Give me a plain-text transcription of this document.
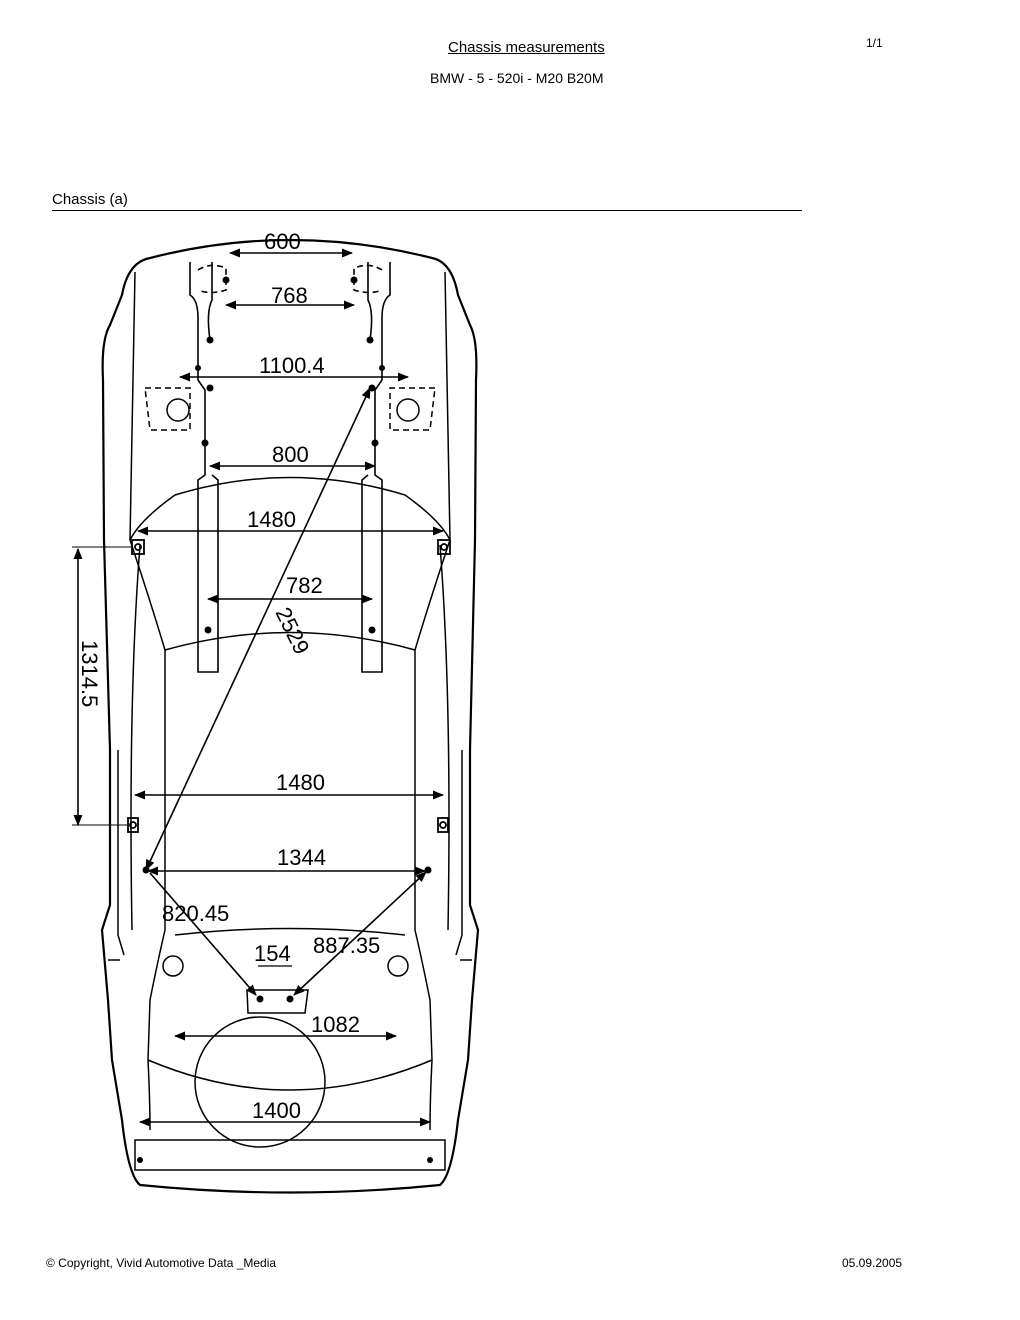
Chassis measurements
BMW - 5 - 520i - M20 B20M
1/1
Chassis (a)
600
768
1100.4
800
1480
782
2529
1314.5
1480
1344
820.45
887.35
154
1082
1400
© Copyright, Vivid Automotive Data _Media	05.09.2005
